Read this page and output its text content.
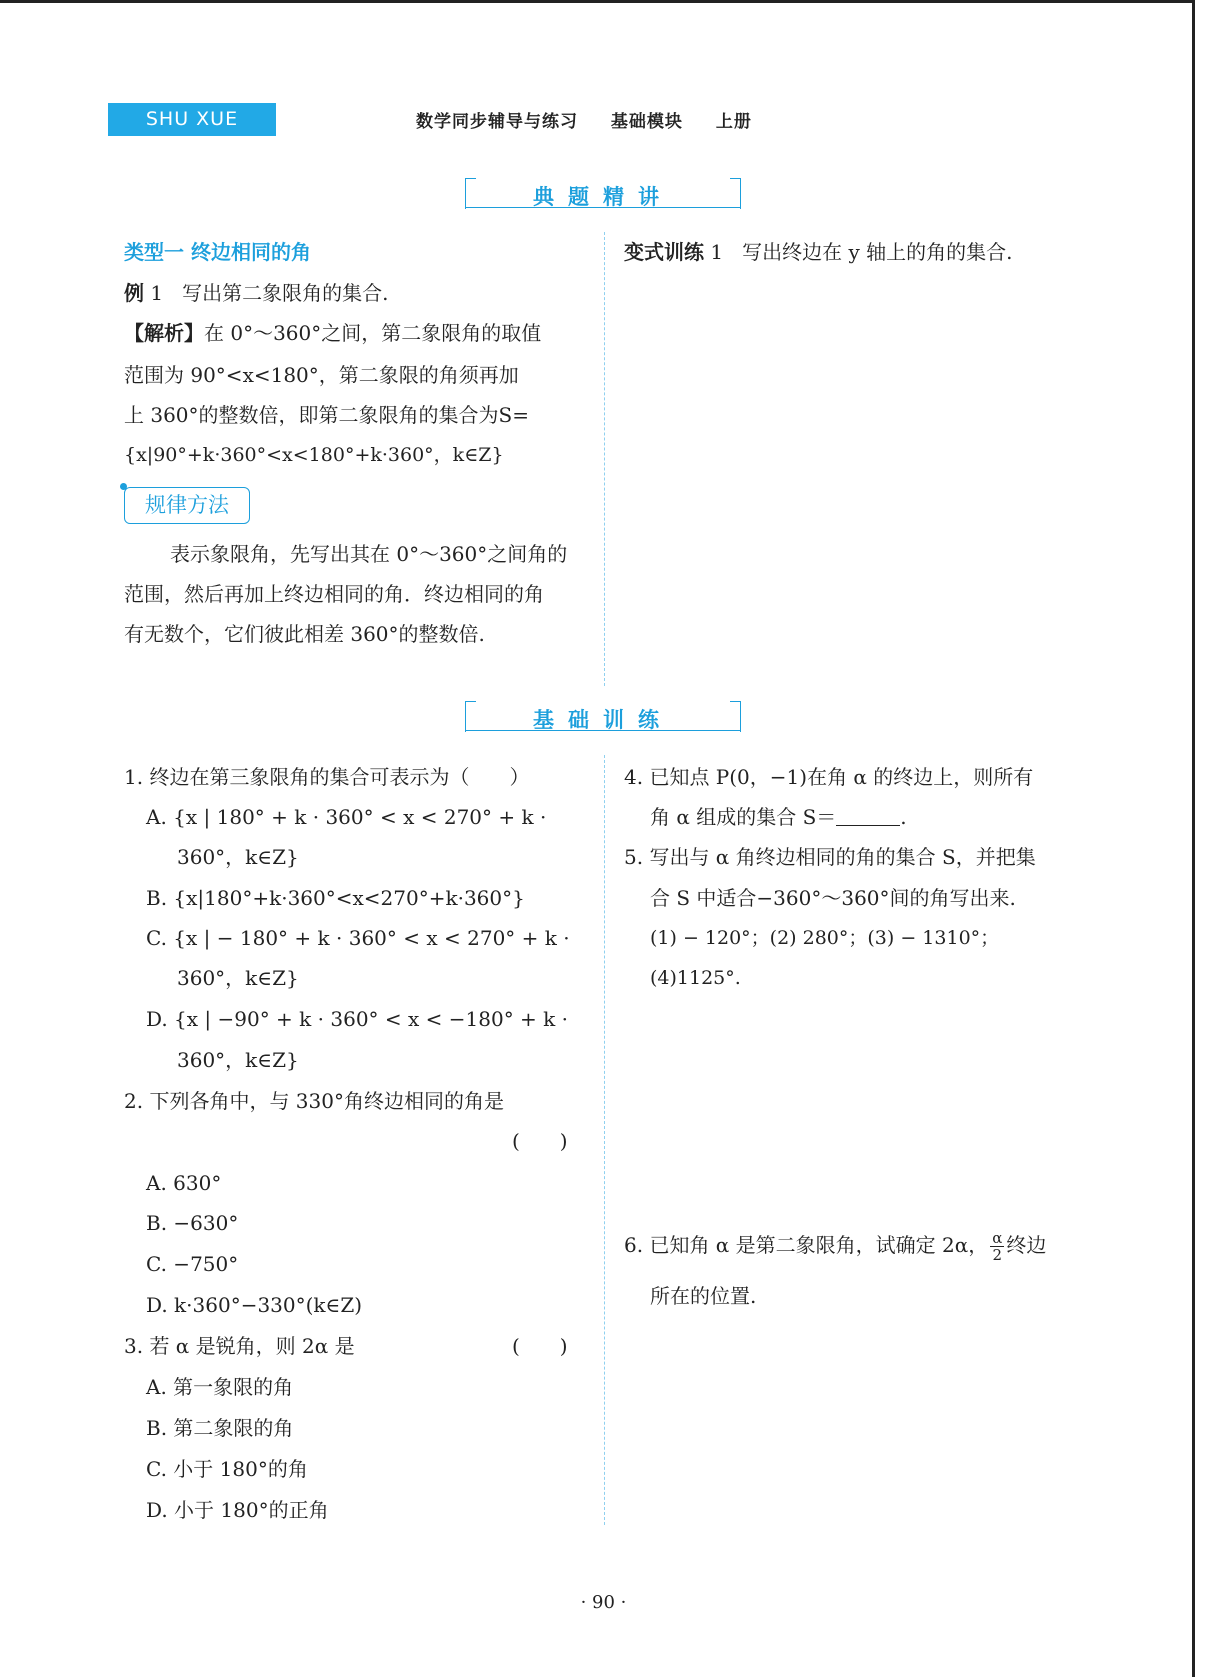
SHU XUE	数学同步辅导与练习 基础模块 上册
典题精讲
类型一 终边相同的角
例 1 写出第二象限角的集合.
【解析】在 0°～360°之间，第二象限角的取值
范围为 90°<x<180°，第二象限的角须再加
上 360°的整数倍，即第二象限角的集合为S=
{x|90°+k·360°<x<180°+k·360°，k∈Z}
规律方法
表示象限角，先写出其在 0°～360°之间角的
范围，然后再加上终边相同的角．终边相同的角
有无数个，它们彼此相差 360°的整数倍.
变式训练 1 写出终边在 y 轴上的角的集合.
基础训练
1. 终边在第三象限角的集合可表示为（　　）
A. {x | 180° + k · 360° < x < 270° + k ·
360°，k∈Z}
B. {x|180°+k·360°<x<270°+k·360°}
C. {x | − 180° + k · 360° < x < 270° + k ·
360°，k∈Z}
D. {x | −90° + k · 360° < x < −180° + k ·
360°，k∈Z}
2. 下列各角中，与 330°角终边相同的角是
(　　)
A. 630°
B. −630°
C. −750°
D. k·360°−330°(k∈Z)
3. 若 α 是锐角，则 2α 是	(　　)
A. 第一象限的角
B. 第二象限的角
C. 小于 180°的角
D. 小于 180°的正角
4. 已知点 P(0，−1)在角 α 的终边上，则所有
角 α 组成的集合 S＝	.
5. 写出与 α 角终边相同的角的集合 S，并把集
合 S 中适合−360°～360°间的角写出来.
(1) − 120°；(2) 280°；(3) − 1310°；
(4)1125°.
6. 已知角 α 是第二象限角，试确定 2α， $\frac{\alpha}{2}$ 终边
所在的位置.
· 90 ·
